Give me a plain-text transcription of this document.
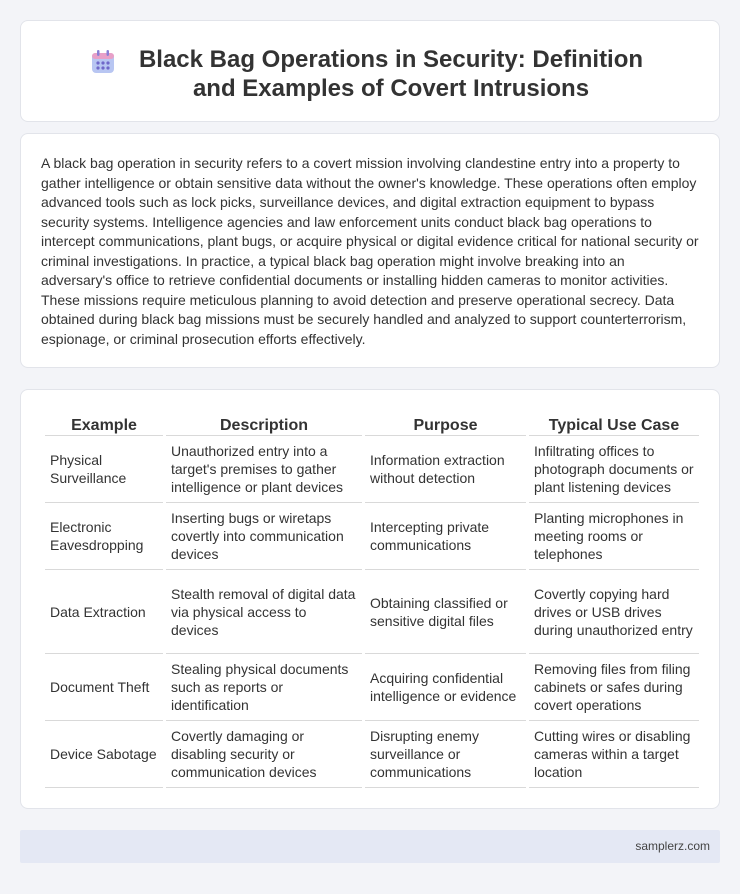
Black Bag Operations in Security: Definition and Examples of Covert Intrusions

A black bag operation in security refers to a covert mission involving clandestine entry into a property to gather intelligence or obtain sensitive data without the owner's knowledge. These operations often employ advanced tools such as lock picks, surveillance devices, and digital extraction equipment to bypass security systems. Intelligence agencies and law enforcement units conduct black bag operations to intercept communications, plant bugs, or acquire physical or digital evidence critical for national security or criminal investigations. In practice, a typical black bag operation might involve breaking into an adversary's office to retrieve confidential documents or installing hidden cameras to monitor activities. These missions require meticulous planning to avoid detection and preserve operational secrecy. Data obtained during black bag missions must be securely handled and analyzed to support counterterrorism, espionage, or criminal prosecution efforts effectively.

Example	Description	Purpose	Typical Use Case
Physical Surveillance	Unauthorized entry into a target's premises to gather intelligence or plant devices	Information extraction without detection	Infiltrating offices to photograph documents or plant listening devices
Electronic Eavesdropping	Inserting bugs or wiretaps covertly into communication devices	Intercepting private communications	Planting microphones in meeting rooms or telephones
Data Extraction	Stealth removal of digital data via physical access to devices	Obtaining classified or sensitive digital files	Covertly copying hard drives or USB drives during unauthorized entry
Document Theft	Stealing physical documents such as reports or identification	Acquiring confidential intelligence or evidence	Removing files from filing cabinets or safes during covert operations
Device Sabotage	Covertly damaging or disabling security or communication devices	Disrupting enemy surveillance or communications	Cutting wires or disabling cameras within a target location
samplerz.com
